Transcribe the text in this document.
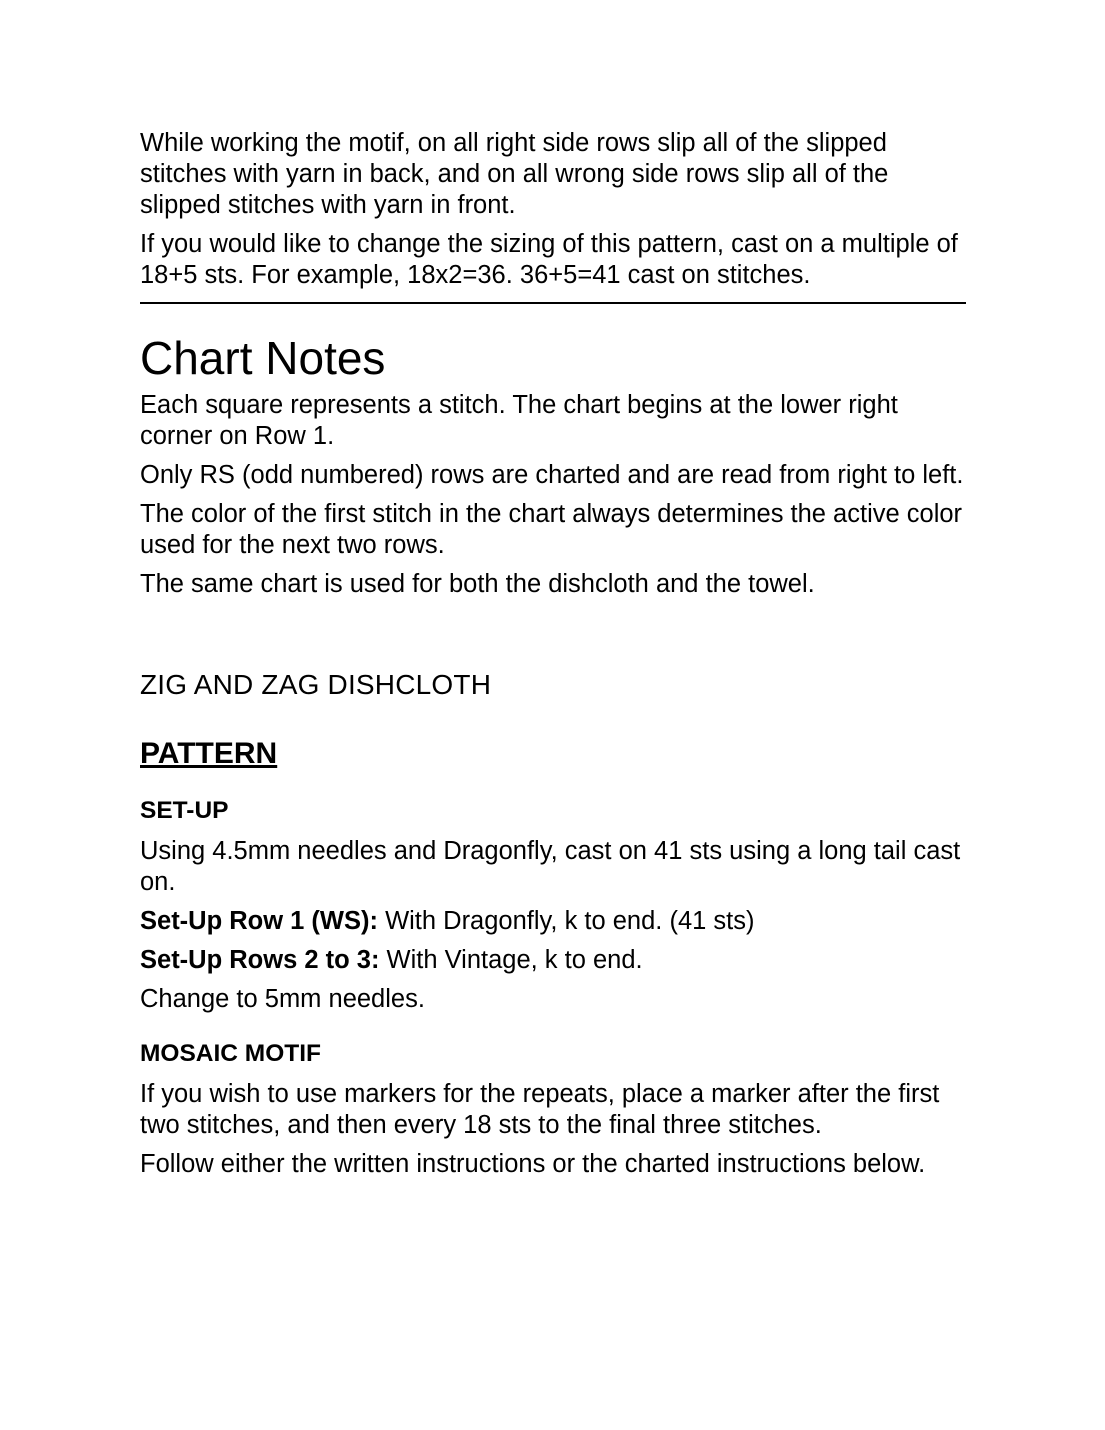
While working the motif, on all right side rows slip all of the slipped stitches with yarn in back, and on all wrong side rows slip all of the slipped stitches with yarn in front.

If you would like to change the sizing of this pattern, cast on a multiple of 18+5 sts. For example, 18x2=36. 36+5=41 cast on stitches.

Chart Notes

Each square represents a stitch. The chart begins at the lower right corner on Row 1.

Only RS (odd numbered) rows are charted and are read from right to left.

The color of the first stitch in the chart always determines the active color used for the next two rows.

The same chart is used for both the dishcloth and the towel.

ZIG AND ZAG DISHCLOTH
PATTERN
SET-UP

Using 4.5mm needles and Dragonfly, cast on 41 sts using a long tail cast on.

Set-Up Row 1 (WS): With Dragonfly, k to end. (41 sts)

Set-Up Rows 2 to 3: With Vintage, k to end.

Change to 5mm needles.

MOSAIC MOTIF

If you wish to use markers for the repeats, place a marker after the first two stitches, and then every 18 sts to the final three stitches.

Follow either the written instructions or the charted instructions below.
